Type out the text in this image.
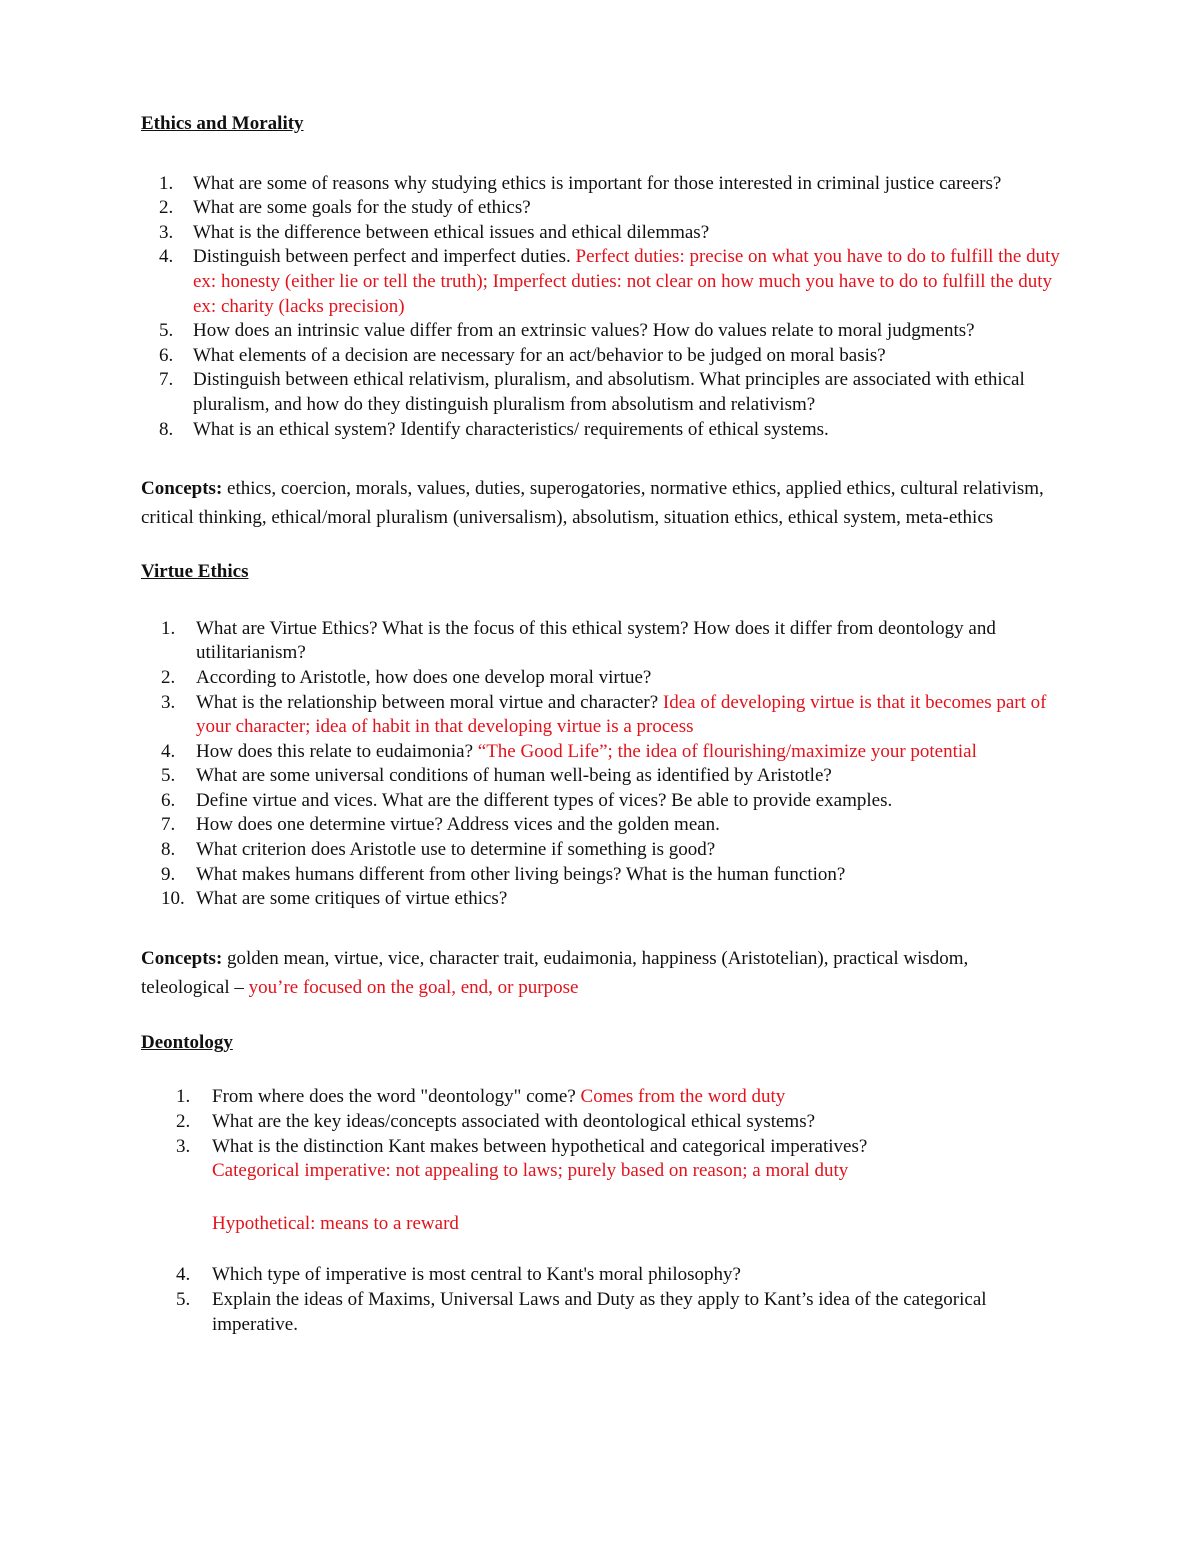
Ethics and Morality
1.	What are some of reasons why studying ethics is important for those interested in criminal justice careers?
2.	What are some goals for the study of ethics?
3.	What is the difference between ethical issues and ethical dilemmas?
4.	Distinguish between perfect and imperfect duties. Perfect duties: precise on what you have to do to fulfill the duty ex: honesty (either lie or tell the truth); Imperfect duties: not clear on how much you have to do to fulfill the duty ex: charity (lacks precision)
5.	How does an intrinsic value differ from an extrinsic values? How do values relate to moral judgments?
6.	What elements of a decision are necessary for an act/behavior to be judged on moral basis?
7.	Distinguish between ethical relativism, pluralism, and absolutism. What principles are associated with ethical pluralism, and how do they distinguish pluralism from absolutism and relativism?
8.	What is an ethical system? Identify characteristics/ requirements of ethical systems.

Concepts: ethics, coercion, morals, values, duties, superogatories, normative ethics, applied ethics, cultural relativism, critical thinking, ethical/moral pluralism (universalism), absolutism, situation ethics, ethical system, meta-ethics

Virtue Ethics
1.	What are Virtue Ethics? What is the focus of this ethical system? How does it differ from deontology and utilitarianism?
2.	According to Aristotle, how does one develop moral virtue?
3.	What is the relationship between moral virtue and character? Idea of developing virtue is that it becomes part of your character; idea of habit in that developing virtue is a process
4.	How does this relate to eudaimonia? “The Good Life”; the idea of flourishing/maximize your potential
5.	What are some universal conditions of human well-being as identified by Aristotle?
6.	Define virtue and vices. What are the different types of vices? Be able to provide examples.
7.	How does one determine virtue? Address vices and the golden mean.
8.	What criterion does Aristotle use to determine if something is good?
9.	What makes humans different from other living beings? What is the human function?
10. What are some critiques of virtue ethics?

Concepts: golden mean, virtue, vice, character trait, eudaimonia, happiness (Aristotelian), practical wisdom, teleological – you’re focused on the goal, end, or purpose

Deontology
1.	From where does the word "deontology" come? Comes from the word duty
2.	What are the key ideas/concepts associated with deontological ethical systems?
3.	What is the distinction Kant makes between hypothetical and categorical imperatives?
Categorical imperative: not appealing to laws; purely based on reason; a moral duty
Hypothetical: means to a reward
4.	Which type of imperative is most central to Kant's moral philosophy?
5.	Explain the ideas of Maxims, Universal Laws and Duty as they apply to Kant’s idea of the categorical imperative.
